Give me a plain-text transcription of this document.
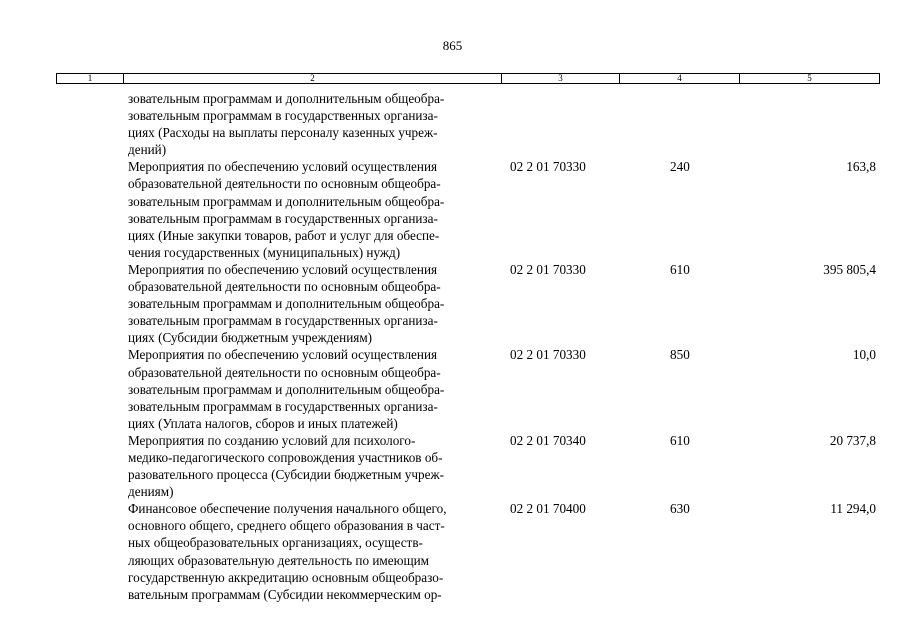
865
1	2	3	4	5
зовательным программам и дополнительным общеобра-
зовательным программам в государственных организа-
циях (Расходы на выплаты персоналу казенных учреж-
дений)
Мероприятия по обеспечению условий осуществления
образовательной деятельности по основным общеобра-
зовательным программам и дополнительным общеобра-
зовательным программам в государственных организа-
циях (Иные закупки товаров, работ и услуг для обеспе-
чения государственных (муниципальных) нужд)
02 2 01 70330	240	163,8
Мероприятия по обеспечению условий осуществления
образовательной деятельности по основным общеобра-
зовательным программам и дополнительным общеобра-
зовательным программам в государственных организа-
циях (Субсидии бюджетным учреждениям)
02 2 01 70330	610	395 805,4
Мероприятия по обеспечению условий осуществления
образовательной деятельности по основным общеобра-
зовательным программам и дополнительным общеобра-
зовательным программам в государственных организа-
циях (Уплата налогов, сборов и иных платежей)
02 2 01 70330	850	10,0
Мероприятия по созданию условий для психолого-
медико-педагогического сопровождения участников об-
разовательного процесса (Субсидии бюджетным учреж-
дениям)
02 2 01 70340	610	20 737,8
Финансовое обеспечение получения начального общего,
основного общего, среднего общего образования в част-
ных общеобразовательных организациях, осуществ-
ляющих образовательную деятельность по имеющим
государственную аккредитацию основным общеобразо-
вательным программам (Субсидии некоммерческим ор-
02 2 01 70400	630	11 294,0
